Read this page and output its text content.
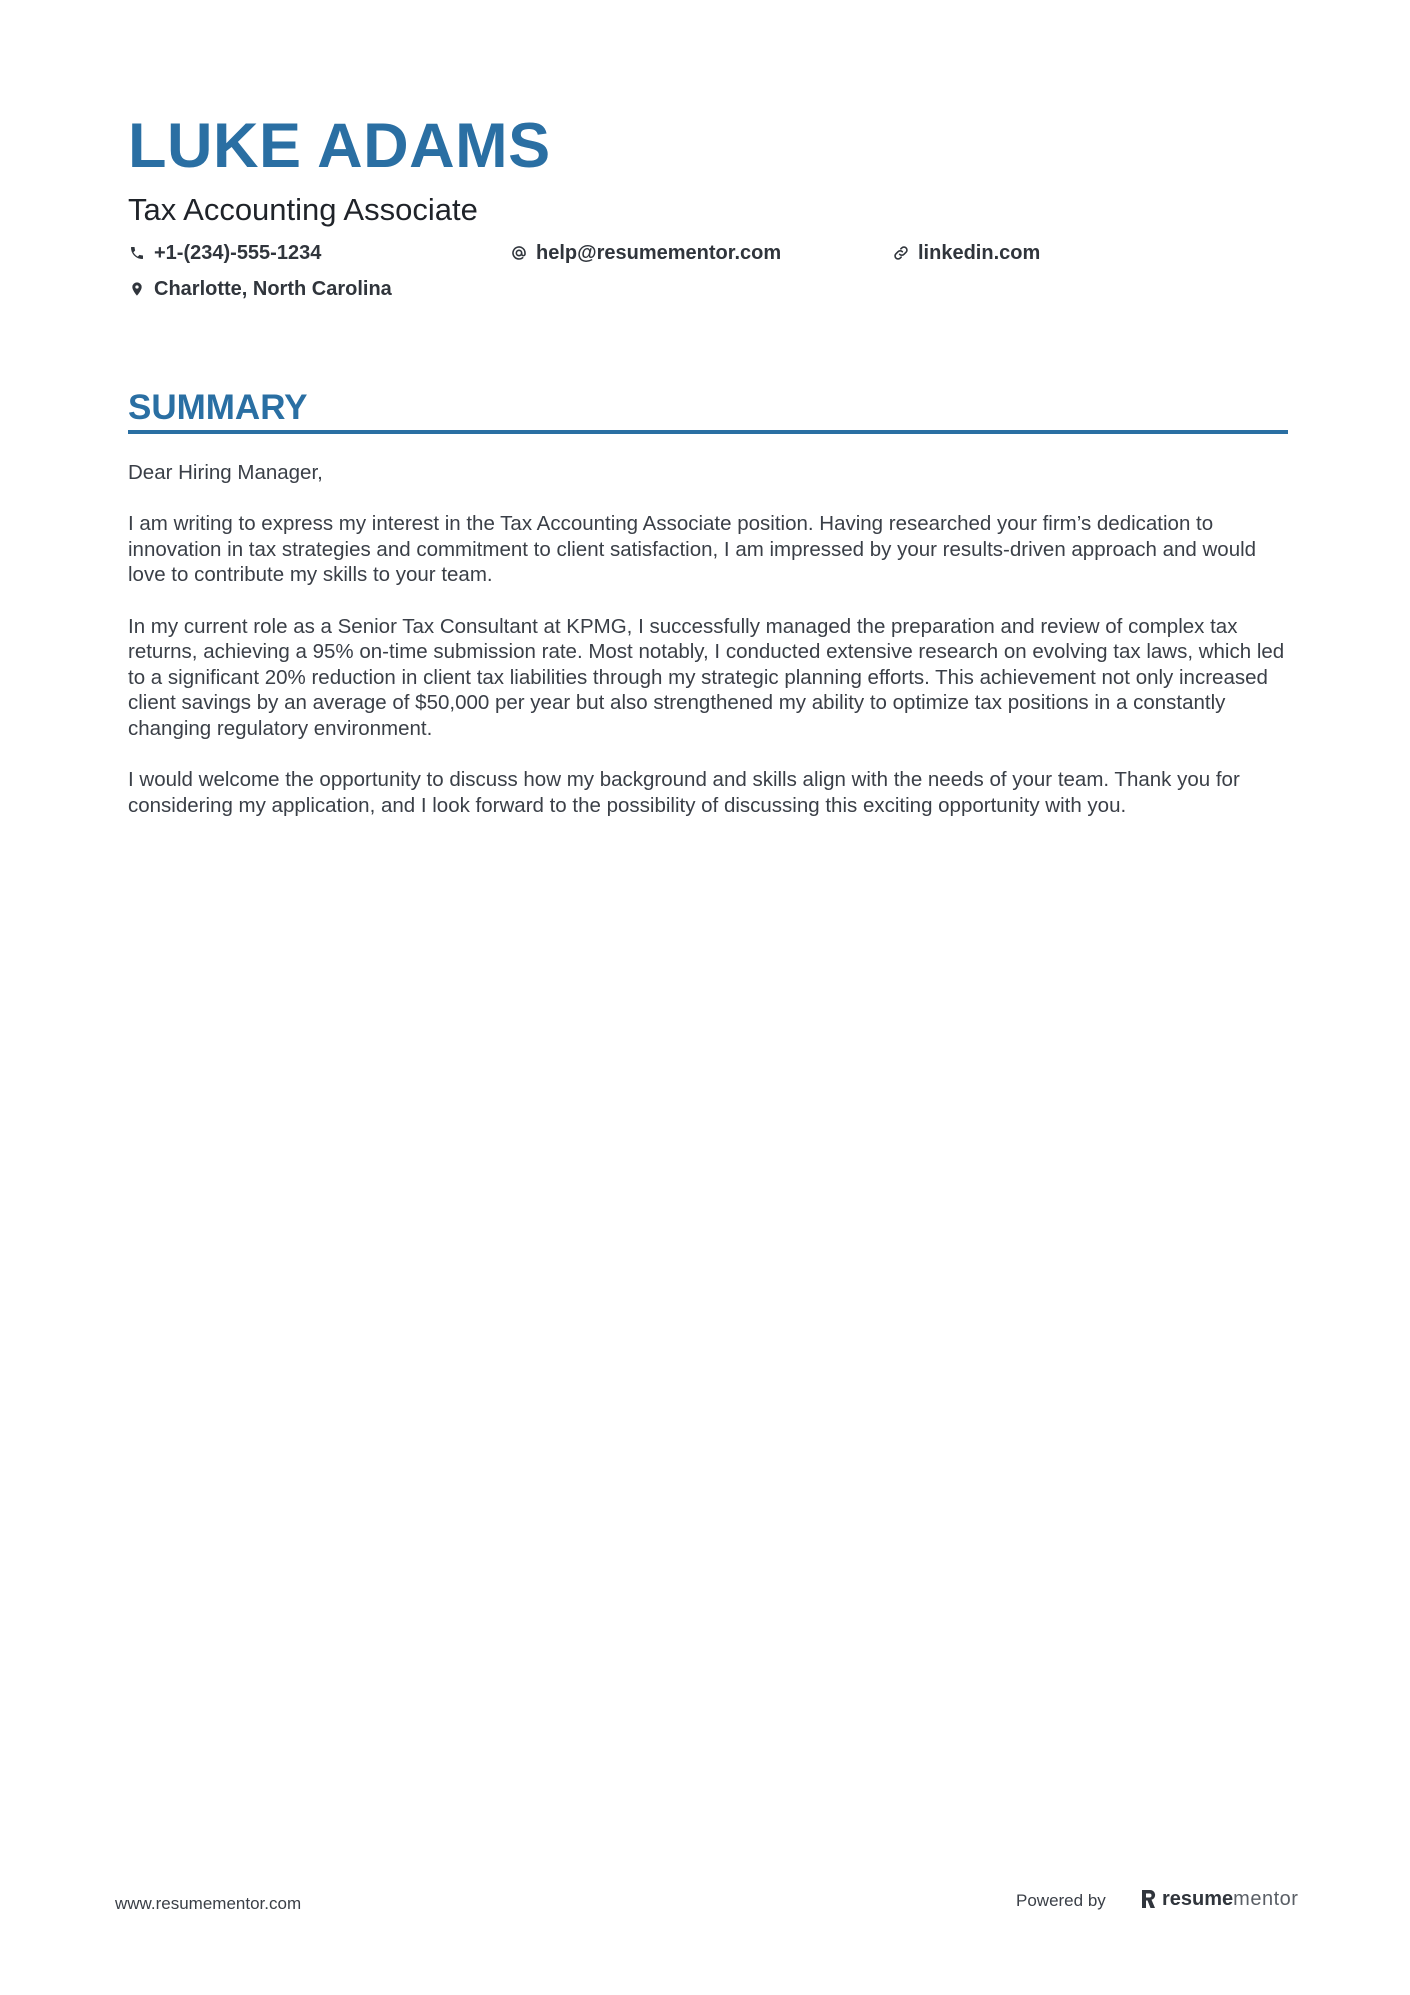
LUKE ADAMS
Tax Accounting Associate
+1-(234)-555-1234	help@resumementor.com	linkedin.com
Charlotte, North Carolina
SUMMARY

Dear Hiring Manager,

I am writing to express my interest in the Tax Accounting Associate position. Having researched your firm’s dedication to innovation in tax strategies and commitment to client satisfaction, I am impressed by your results-driven approach and would love to contribute my skills to your team.

In my current role as a Senior Tax Consultant at KPMG, I successfully managed the preparation and review of complex tax returns, achieving a 95% on-time submission rate. Most notably, I conducted extensive research on evolving tax laws, which led to a significant 20% reduction in client tax liabilities through my strategic planning efforts. This achievement not only increased client savings by an average of $50,000 per year but also strengthened my ability to optimize tax positions in a constantly changing regulatory environment.

I would welcome the opportunity to discuss how my background and skills align with the needs of your team. Thank you for considering my application, and I look forward to the possibility of discussing this exciting opportunity with you.

www.resumementor.com	Powered by	resume mentor
